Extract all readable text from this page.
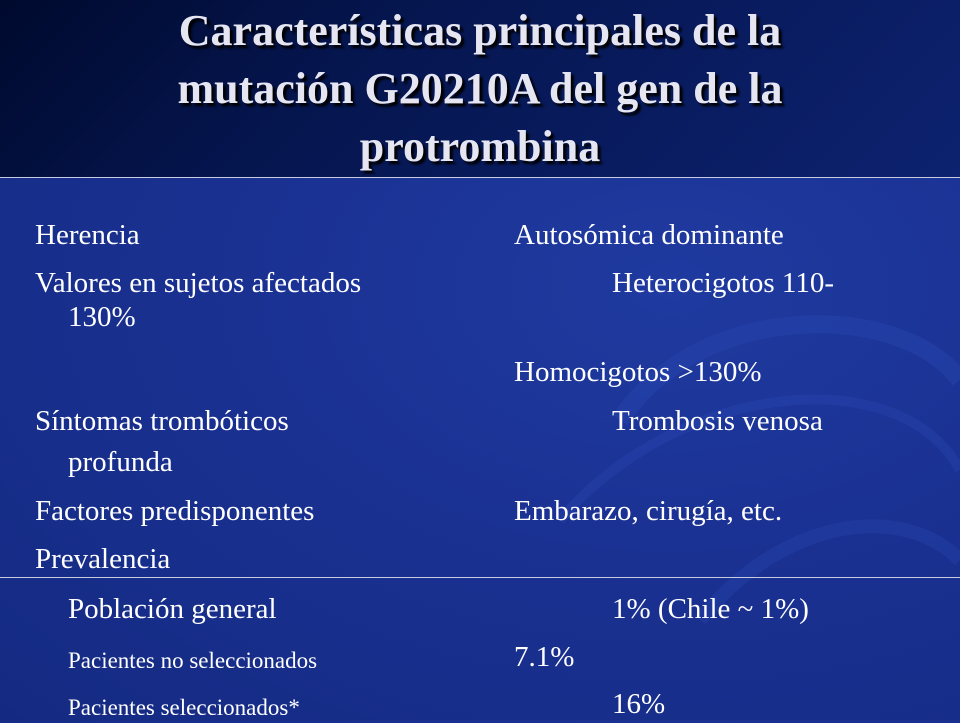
Características principales de la
mutación G20210A del gen de la
protrombina
Herencia	Autosómica dominante
Valores en sujetos afectados	Heterocigotos 110-
130%
Homocigotos >130%
Síntomas trombóticos	Trombosis venosa
profunda
Factores predisponentes	Embarazo, cirugía, etc.
Prevalencia
Población general	1% (Chile ~ 1%)
Pacientes no seleccionados	7.1%
Pacientes seleccionados*	16%
